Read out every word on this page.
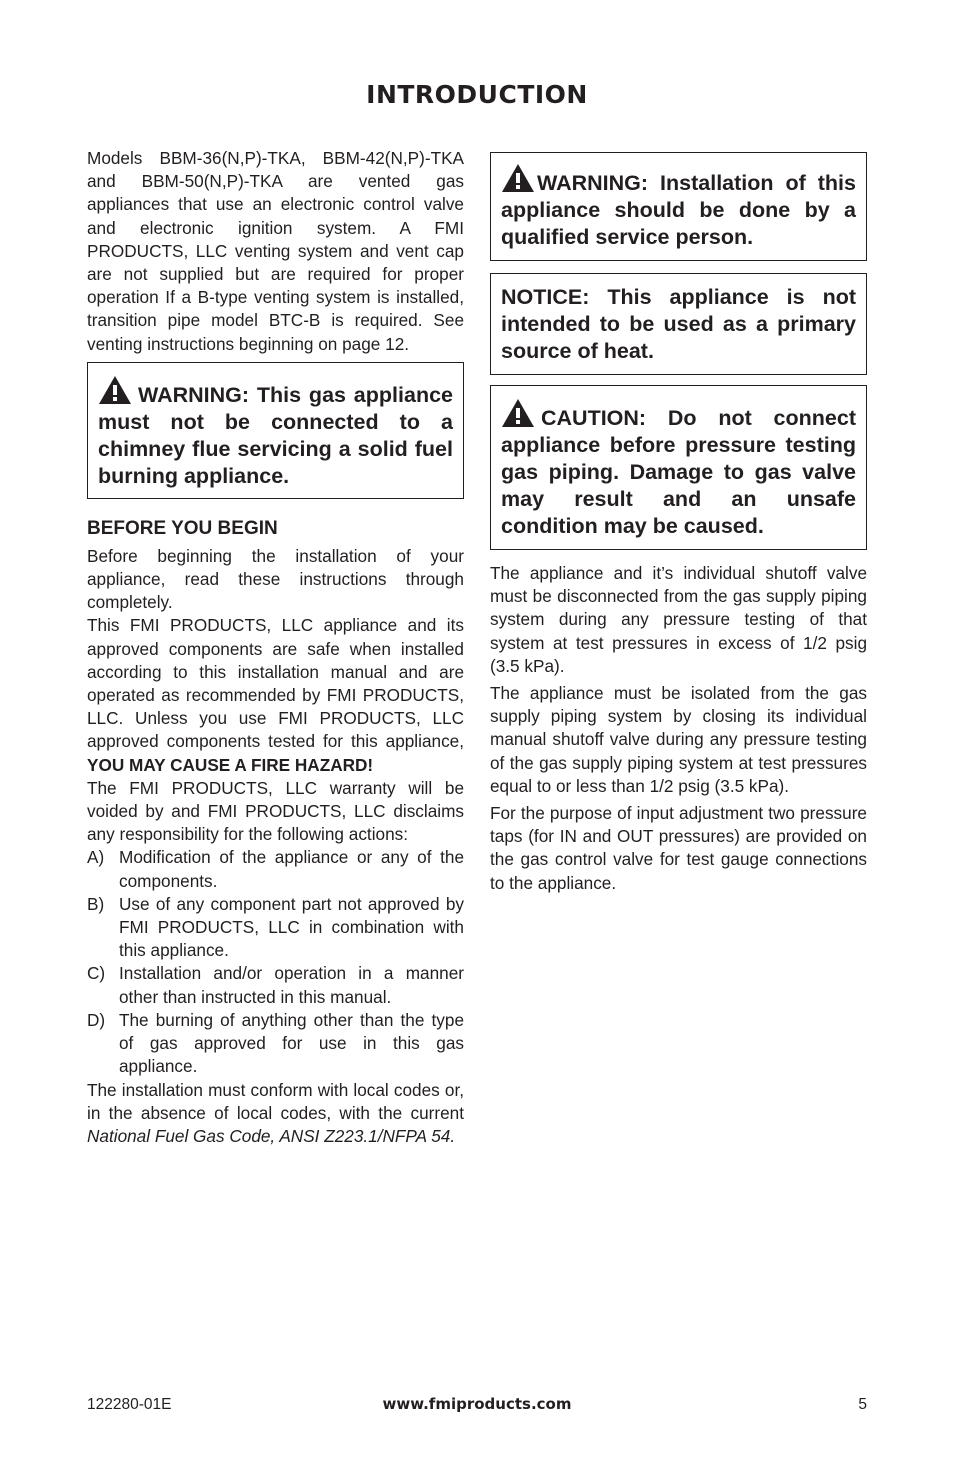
INTRODUCTION

Models BBM-36(N,P)-TKA, BBM-42(N,P)-TKA and BBM-50(N,P)-TKA are vented gas appliances that use an electronic control valve and electronic ignition system. A FMI PRODUCTS, LLC venting system and vent cap are not supplied but are required for proper operation If a B-type venting system is installed, transition pipe model BTC-B is required. See venting instructions beginning on page 12.

WARNING: This gas appliance must not be connected to a chimney flue servicing a solid fuel burning appliance.
BEFORE YOU BEGIN

Before beginning the installation of your appliance, read these instructions through completely.

This FMI PRODUCTS, LLC appliance and its approved components are safe when installed according to this installation manual and are operated as recommended by FMI PRODUCTS, LLC. Unless you use FMI PRODUCTS, LLC approved components tested for this appliance, YOU MAY CAUSE A FIRE HAZARD!

The FMI PRODUCTS, LLC warranty will be voided by and FMI PRODUCTS, LLC disclaims any responsibility for the following actions:

A) Modification of the appliance or any of the components.
B) Use of any component part not approved by FMI PRODUCTS, LLC in combination with this appliance.
C) Installation and/or operation in a manner other than instructed in this manual.
D) The burning of anything other than the type of gas approved for use in this gas appliance.

The installation must conform with local codes or, in the absence of local codes, with the current National Fuel Gas Code, ANSI Z223.1/NFPA 54.

WARNING: Installation of this appliance should be done by a qualified service person.
NOTICE: This appliance is not intended to be used as a primary source of heat.
CAUTION: Do not connect appliance before pressure testing gas piping. Damage to gas valve may result and an unsafe condition may be caused.

The appliance and it’s individual shutoff valve must be disconnected from the gas supply piping system during any pressure testing of that system at test pressures in excess of 1/2 psig (3.5 kPa).

The appliance must be isolated from the gas supply piping system by closing its individual manual shutoff valve during any pressure testing of the gas supply piping system at test pressures equal to or less than 1/2 psig (3.5 kPa).

For the purpose of input adjustment two pressure taps (for IN and OUT pressures) are provided on the gas control valve for test gauge connections to the appliance.

122280-01E	www.fmiproducts.com	5
